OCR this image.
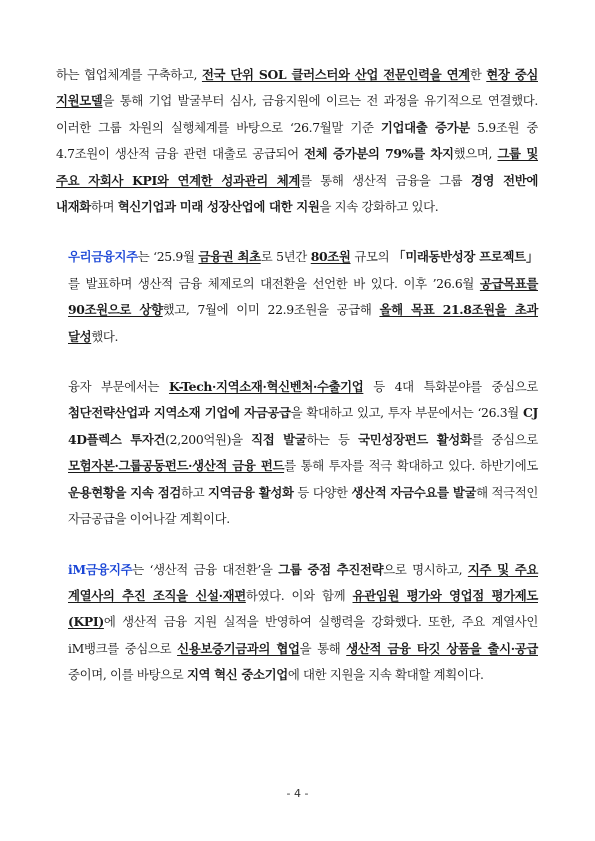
하는 협업체계를 구축하고, 전국 단위 SOL 클러스터와 산업 전문인력을 연계한 현장 중심 지원모델을 통해 기업 발굴부터 심사, 금융지원에 이르는 전 과정을 유기적으로 연결했다. 이러한 그룹 차원의 실행체계를 바탕으로 ‘26.7월말 기준 기업대출 증가분 5.9조원 중 4.7조원이 생산적 금융 관련 대출로 공급되어 전체 증가분의 79%를 차지했으며, 그룹 및 주요 자회사 KPI와 연계한 성과관리 체계를 통해 생산적 금융을 그룹 경영 전반에 내재화하며 혁신기업과 미래 성장산업에 대한 지원을 지속 강화하고 있다.

우리금융지주는 ‘25.9월 금융권 최초로 5년간 80조원 규모의 「미래동반성장 프로젝트」를 발표하며 생산적 금융 체제로의 대전환을 선언한 바 있다. 이후 ’26.6월 공급목표를 90조원으로 상향했고, 7월에 이미 22.9조원을 공급해 올해 목표 21.8조원을 초과 달성했다.

융자 부문에서는 K-Tech·지역소재·혁신벤처·수출기업 등 4대 특화분야를 중심으로 첨단전략산업과 지역소재 기업에 자금공급을 확대하고 있고, 투자 부문에서는 ‘26.3월 CJ 4D플렉스 투자건(2,200억원)을 직접 발굴하는 등 국민성장펀드 활성화를 중심으로 모험자본·그룹공동펀드·생산적 금융 펀드를 통해 투자를 적극 확대하고 있다. 하반기에도 운용현황을 지속 점검하고 지역금융 활성화 등 다양한 생산적 자금수요를 발굴해 적극적인 자금공급을 이어나갈 계획이다.

iM금융지주는 ‘생산적 금융 대전환’을 그룹 중점 추진전략으로 명시하고, 지주 및 주요 계열사의 추진 조직을 신설·재편하였다. 이와 함께 유관임원 평가와 영업점 평가제도(KPI)에 생산적 금융 지원 실적을 반영하여 실행력을 강화했다. 또한, 주요 계열사인 iM뱅크를 중심으로 신용보증기금과의 협업을 통해 생산적 금융 타깃 상품을 출시·공급 중이며, 이를 바탕으로 지역 혁신 중소기업에 대한 지원을 지속 확대할 계획이다.

- 4 -
